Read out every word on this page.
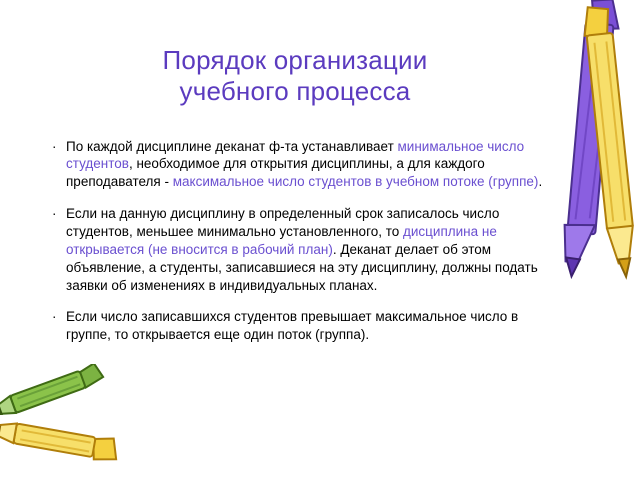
Порядок организации
учебного процесса

· По каждой дисциплине деканат ф-та устанавливает минимальное число студентов, необходимое для открытия дисциплины, а для каждого преподавателя - максимальное число студентов в учебном потоке (группе).

· Если на данную дисциплину в определенный срок записалось число студентов, меньшее минимально установленного, то дисциплина не открывается (не вносится в рабочий план). Деканат делает об этом объявление, а студенты, записавшиеся на эту дисциплину, должны подать заявки об изменениях в индивидуальных планах.

· Если число записавшихся студентов превышает максимальное число в группе, то открывается еще один поток (группа).
